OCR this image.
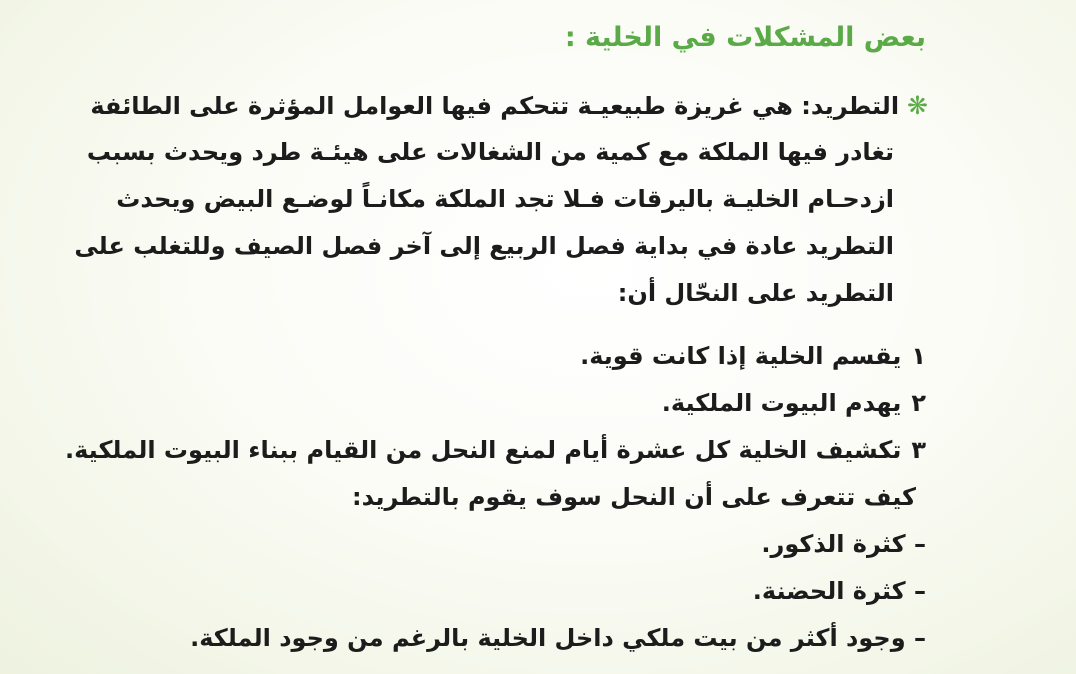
بعض المشكلات في الخلية :
❋التطريد: هي غريزة طبيعيـة تتحكم فيها العوامل المؤثرة على الطائفة
تغادر فيها الملكة مع كمية من الشغالات على هيئـة طرد ويحدث بسبب
ازدحـام الخليـة باليرقات فـلا تجد الملكة مكانـاً لوضـع البيض ويحدث
التطريد عادة في بداية فصل الربيع إلى آخر فصل الصيف وللتغلب على
التطريد على النحّال أن:
١يقسم الخلية إذا كانت قوية.
٢يهدم البيوت الملكية.
٣تكشيف الخلية كل عشرة أيام لمنع النحل من القيام ببناء البيوت الملكية.
كيف تتعرف على أن النحل سوف يقوم بالتطريد:
– كثرة الذكور.
– كثرة الحضنة.
– وجود أكثر من بيت ملكي داخل الخلية بالرغم من وجود الملكة.
